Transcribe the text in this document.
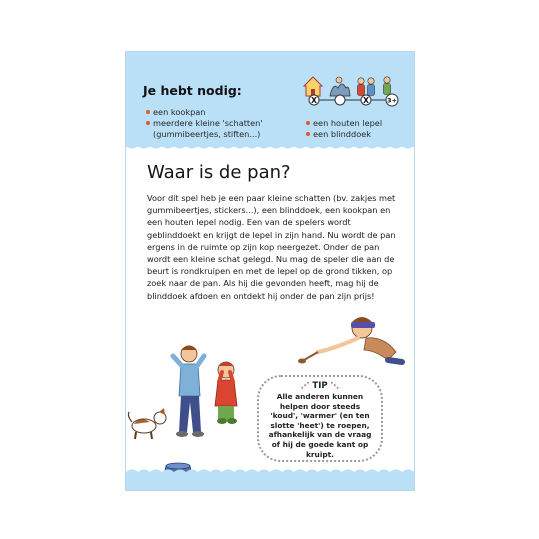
Je hebt nodig:
een kookpan
meerdere kleine 'schatten' (gummibeertjes, stiften...)
een houten lepel
een blinddoek
X	X	3+
Waar is de pan?

Voor dit spel heb je een paar kleine schatten (bv. zakjes met gummibeertjes, stickers...), een blinddoek, een kookpan en een houten lepel nodig. Een van de spelers wordt geblinddoekt en krijgt de lepel in zijn hand. Nu wordt de pan ergens in de ruimte op zijn kop neergezet. Onder de pan wordt een kleine schat gelegd. Nu mag de speler die aan de beurt is rondkruipen en met de lepel op de grond tikken, op zoek naar de pan. Als hij die gevonden heeft, mag hij de blinddoek afdoen en ontdekt hij onder de pan zijn prijs!

⋰ TIP ⋱

Alle anderen kunnen helpen door steeds 'koud', 'warmer' (en ten slotte 'heet') te roepen, afhankelijk van de vraag of hij de goede kant op kruipt.
